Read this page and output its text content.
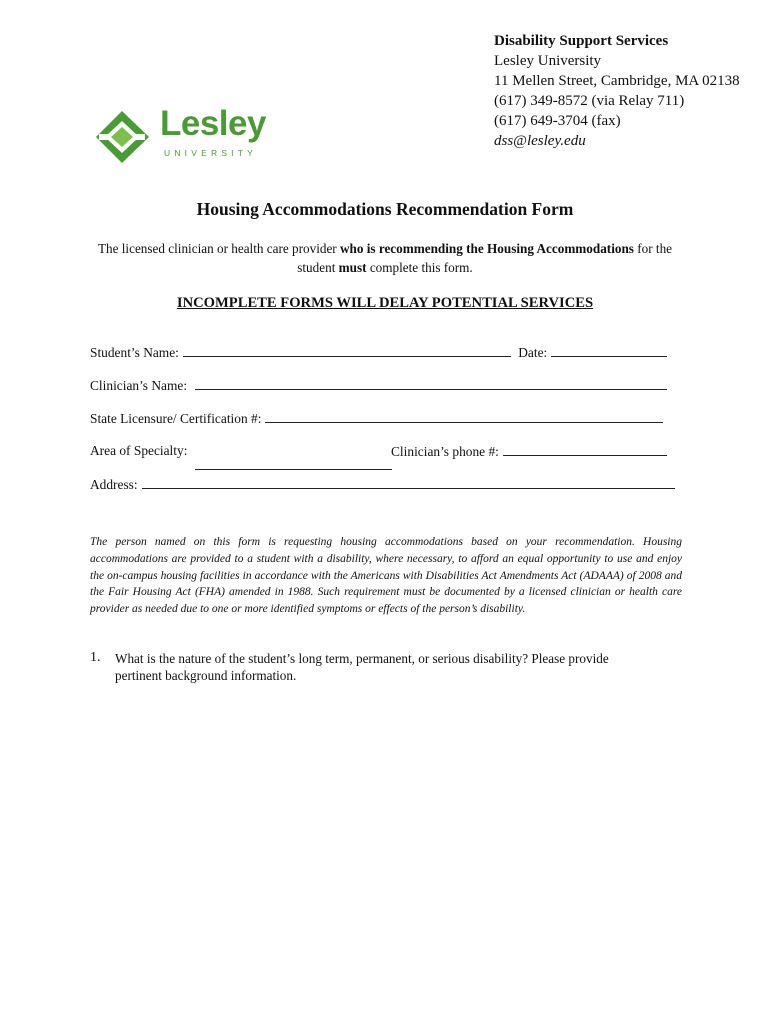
Disability Support Services
Lesley University
11 Mellen Street, Cambridge, MA 02138
(617) 349-8572 (via Relay 711)
(617) 649-3704 (fax)
dss@lesley.edu
Lesley
UNIVERSITY
Housing Accommodations Recommendation Form
The licensed clinician or health care provider who is recommending the Housing Accommodations for the student must complete this form.
INCOMPLETE FORMS WILL DELAY POTENTIAL SERVICES
Student’s Name:	Date:
Clinician’s Name:
State Licensure/ Certification #:
Area of Specialty:	Clinician’s phone #:
Address:
The person named on this form is requesting housing accommodations based on your recommendation. Housing accommodations are provided to a student with a disability, where necessary, to afford an equal opportunity to use and enjoy the on-campus housing facilities in accordance with the Americans with Disabilities Act Amendments Act (ADAAA) of 2008 and the Fair Housing Act (FHA) amended in 1988. Such requirement must be documented by a licensed clinician or health care provider as needed due to one or more identified symptoms or effects of the person’s disability.
1. What is the nature of the student’s long term, permanent, or serious disability? Please provide pertinent background information.
